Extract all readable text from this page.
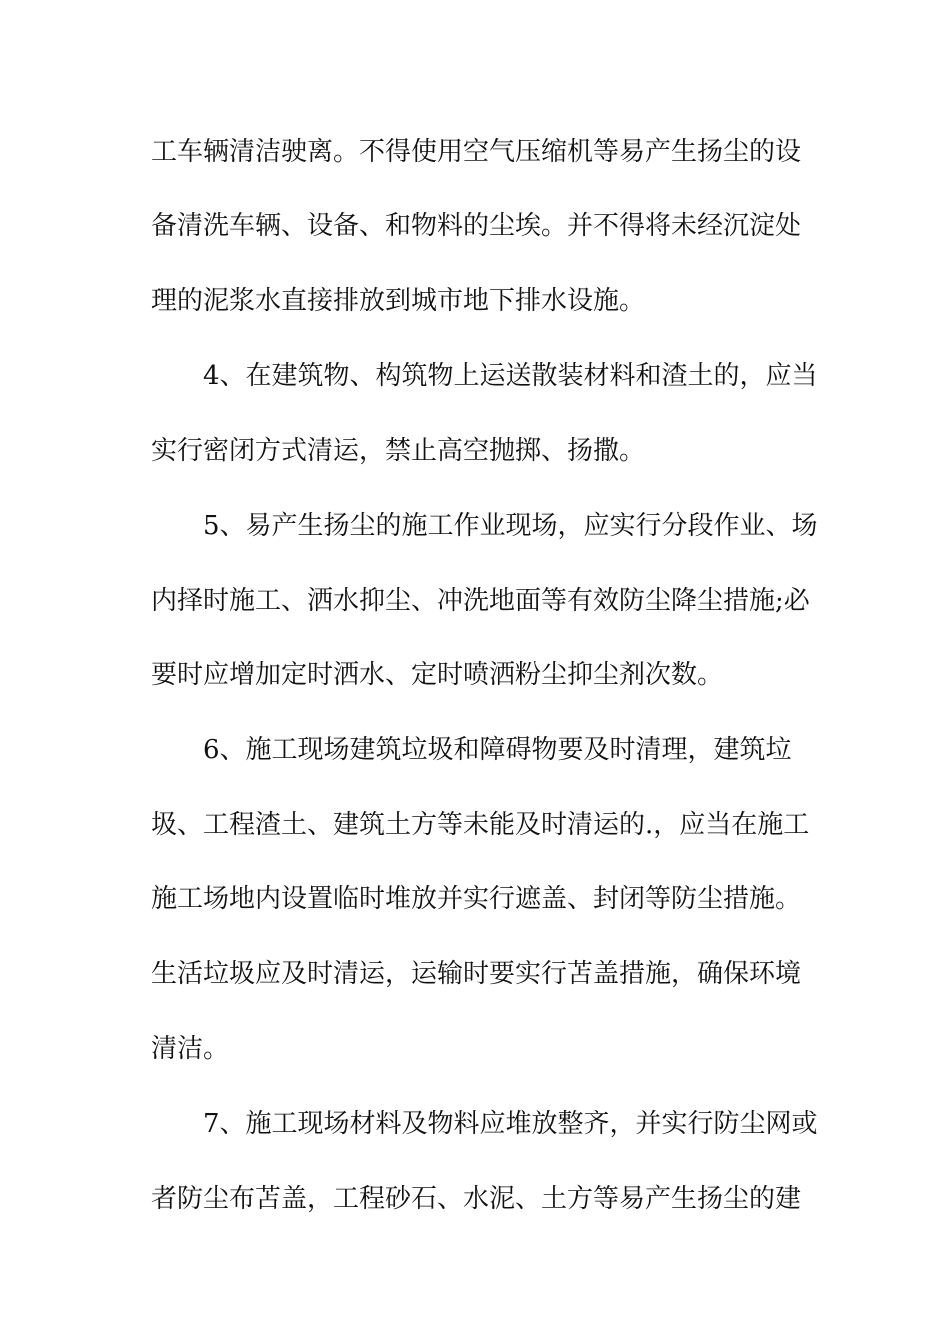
工车辆清洁驶离。不得使用空气压缩机等易产生扬尘的设
备清洗车辆、设备、和物料的尘埃。并不得将未经沉淀处
理的泥浆水直接排放到城市地下排水设施。
4、在建筑物、构筑物上运送散装材料和渣土的，应当
实行密闭方式清运，禁止高空抛掷、扬撒。
5、易产生扬尘的施工作业现场，应实行分段作业、场
内择时施工、洒水抑尘、冲洗地面等有效防尘降尘措施;必
要时应增加定时洒水、定时喷洒粉尘抑尘剂次数。
6、施工现场建筑垃圾和障碍物要及时清理，建筑垃
圾、工程渣土、建筑土方等未能及时清运的.，应当在施工
施工场地内设置临时堆放并实行遮盖、封闭等防尘措施。
生活垃圾应及时清运，运输时要实行苫盖措施，确保环境
清洁。
7、施工现场材料及物料应堆放整齐，并实行防尘网或
者防尘布苫盖，工程砂石、水泥、土方等易产生扬尘的建
